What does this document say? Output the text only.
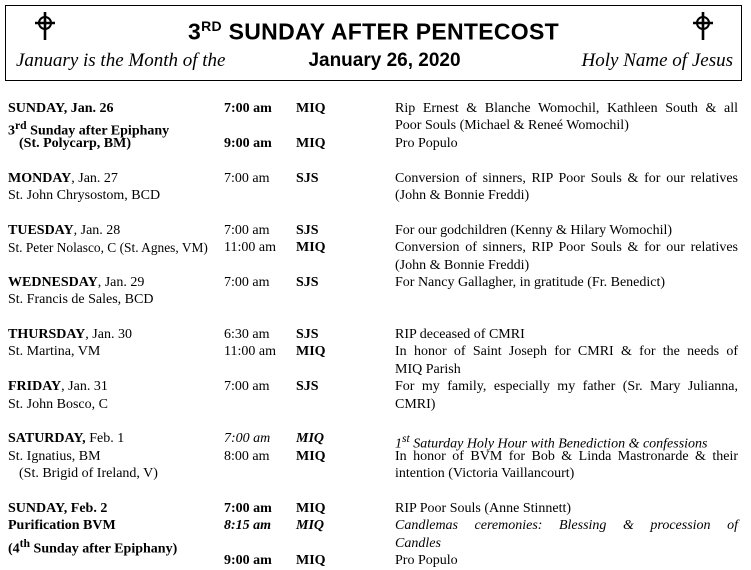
3RD SUNDAY AFTER PENTECOST
January is the Month of the	January 26, 2020	Holy Name of Jesus
SUNDAY, Jan. 26	7:00 am MIQ	Rip Ernest & Blanche Womochil, Kathleen South & all
3rd Sunday after Epiphany	Poor Souls (Michael & Reneé Womochil)
(St. Polycarp, BM)	9:00 am MIQ	Pro Populo
MONDAY, Jan. 27	7:00 am SJS	Conversion of sinners, RIP Poor Souls & for our relatives
St. John Chrysostom, BCD	(John & Bonnie Freddi)
TUESDAY, Jan. 28	7:00 am SJS	For our godchildren (Kenny & Hilary Womochil)
St. Peter Nolasco, C (St. Agnes, VM) 11:00 am MIQ	Conversion of sinners, RIP Poor Souls & for our relatives
(John & Bonnie Freddi)
WEDNESDAY, Jan. 29	7:00 am SJS	For Nancy Gallagher, in gratitude (Fr. Benedict)
St. Francis de Sales, BCD
THURSDAY, Jan. 30	6:30 am SJS	RIP deceased of CMRI
St. Martina, VM	11:00 am MIQ	In honor of Saint Joseph for CMRI & for the needs of
MIQ Parish
FRIDAY, Jan. 31	7:00 am SJS	For my family, especially my father (Sr. Mary Julianna,
St. John Bosco, C	CMRI)
SATURDAY, Feb. 1	7:00 am MIQ	1st Saturday Holy Hour with Benediction & confessions
St. Ignatius, BM	8:00 am MIQ	In honor of BVM for Bob & Linda Mastronarde & their
(St. Brigid of Ireland, V)	intention (Victoria Vaillancourt)
SUNDAY, Feb. 2	7:00 am MIQ	RIP Poor Souls (Anne Stinnett)
Purification BVM	8:15 am MIQ	Candlemas ceremonies: Blessing & procession of
(4th Sunday after Epiphany)	Candles
9:00 am MIQ	Pro Populo
